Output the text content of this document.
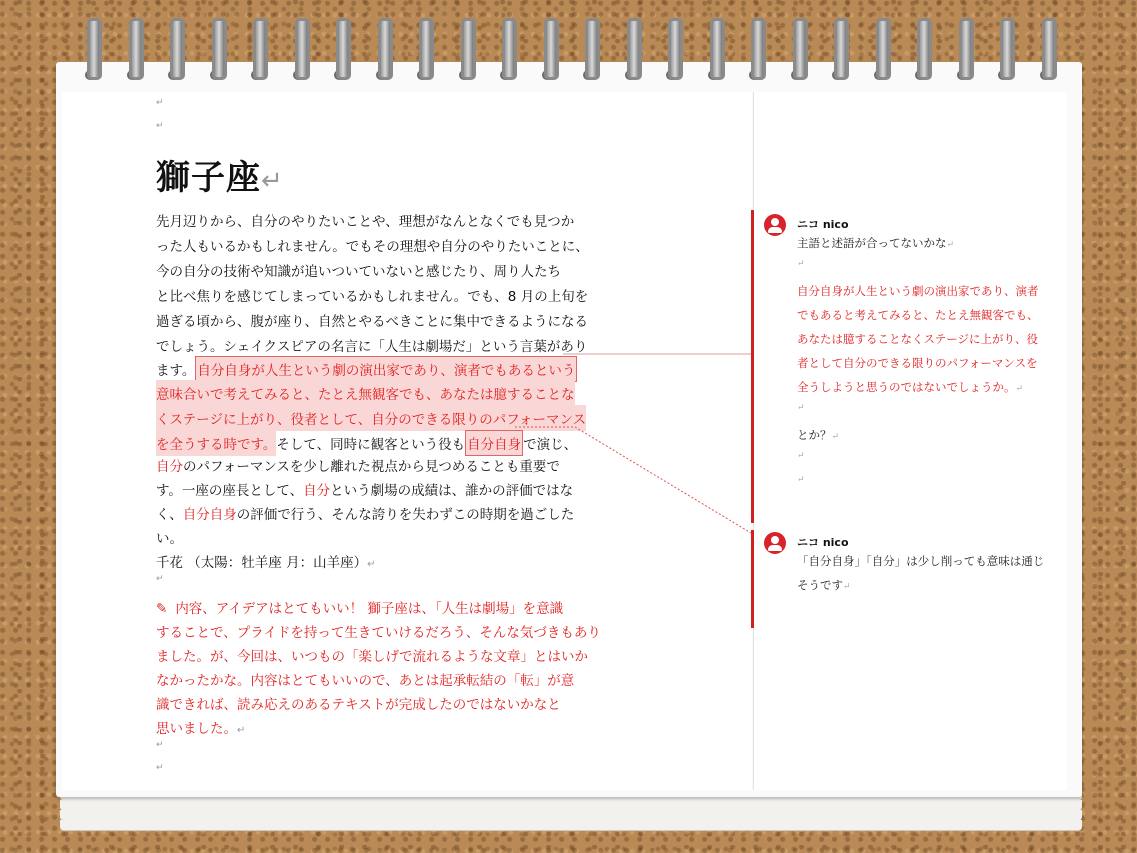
↵
↵
獅子座↵
先月辺りから、自分のやりたいことや、理想がなんとなくでも見つか
った人もいるかもしれません。でもその理想や自分のやりたいことに、
今の自分の技術や知識が追いついていないと感じたり、周り人たち
と比べ焦りを感じてしまっているかもしれません。でも、8 月の上旬を
過ぎる頃から、腹が座り、自然とやるべきことに集中できるようになる
でしょう。シェイクスピアの名言に「人生は劇場だ」という言葉があり
ます。 自分自身が人生という劇の演出家であり、演者でもあるという
意味合いで考えてみると、たとえ無観客でも、あなたは臆することな
くステージに上がり、役者として、自分のできる限りのパフォーマンス
を全うする時です。そして、同時に観客という役も 自分自身 で演じ、
自分のパフォーマンスを少し離れた視点から見つめることも重要で
す。一座の座長として、自分という劇場の成績は、誰かの評価ではな
く、自分自身の評価で行う、そんな誇りを失わずこの時期を過ごした
い。
千花 （太陽：牡羊座 月：山羊座）↵
↵
✎ 内容、アイデアはとてもいい！ 獅子座は、「人生は劇場」を意識
することで、プライドを持って生きていけるだろう、そんな気づきもあり
ました。が、今回は、いつもの「楽しげで流れるような文章」とはいか
なかったかな。内容はとてもいいので、あとは起承転結の「転」が意
識できれば、読み応えのあるテキストが完成したのではないかなと
思いました。↵
↵
↵
ニコ nico
主語と述語が合ってないかな↵
↵
自分自身が人生という劇の演出家であり、演者
でもあると考えてみると、たとえ無観客でも、
あなたは臆することなくステージに上がり、役
者として自分のできる限りのパフォーマンスを
全うしようと思うのではないでしょうか。↵
↵
とか？↵
↵
↵
ニコ nico
「自分自身」「自分」は少し削っても意味は通じ
そうです↵
